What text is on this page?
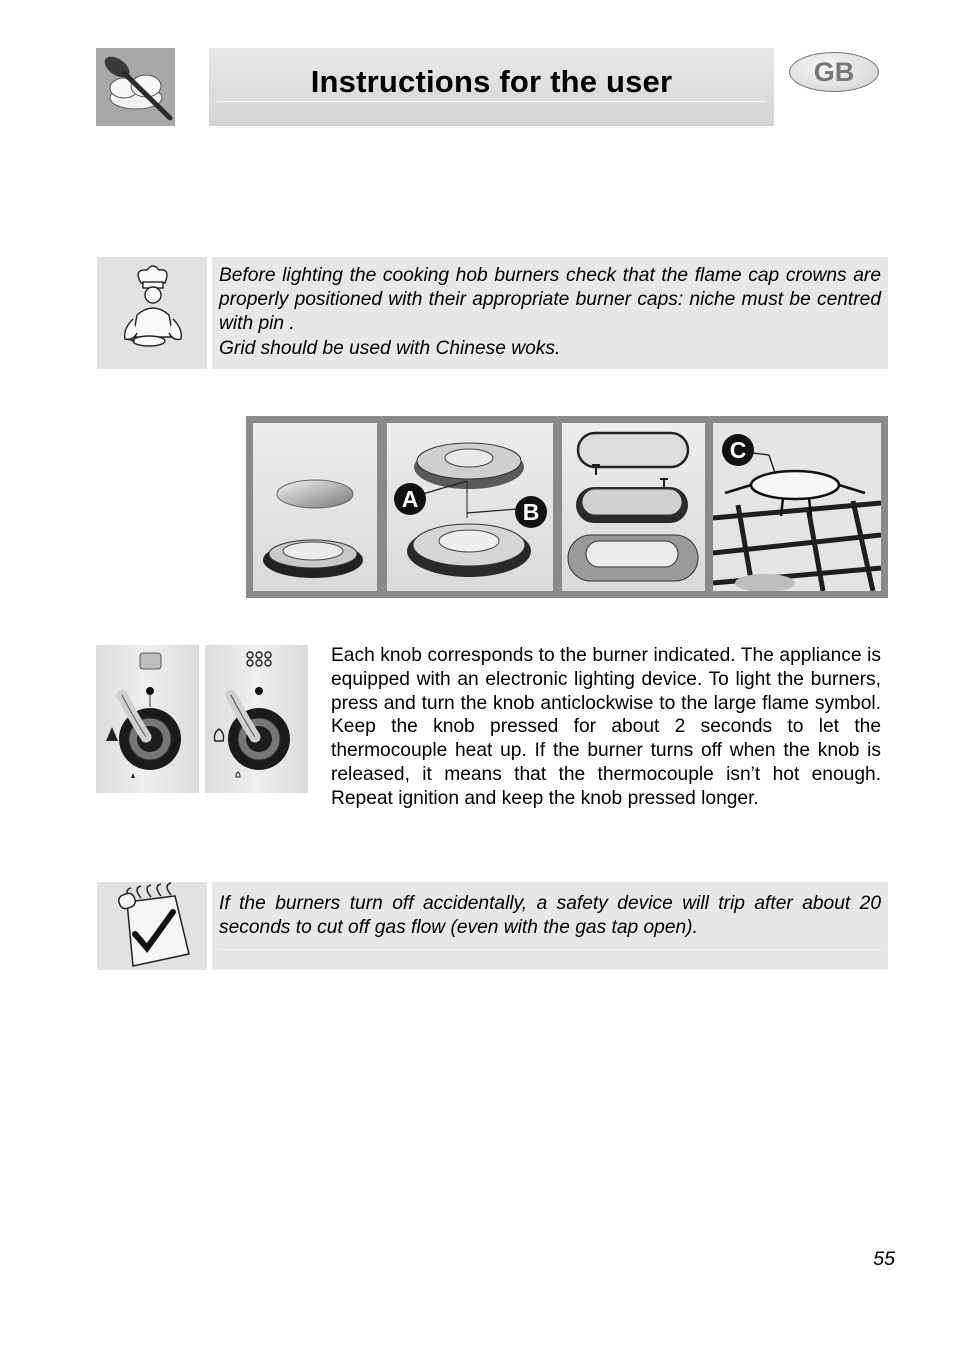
Instructions for the user	GB
Before lighting the cooking hob burners check that the flame cap crowns are properly positioned with their appropriate burner caps: niche must be centred with pin .
Grid should be used with Chinese woks.
A	B
C
Each knob corresponds to the burner indicated. The appliance is equipped with an electronic lighting device. To light the burners, press and turn the knob anticlockwise to the large flame symbol. Keep the knob pressed for about 2 seconds to let the thermocouple heat up. If the burner turns off when the knob is released, it means that the thermocouple isn’t hot enough. Repeat ignition and keep the knob pressed longer.
If the burners turn off accidentally, a safety device will trip after about 20 seconds to cut off gas flow (even with the gas tap open).
55
